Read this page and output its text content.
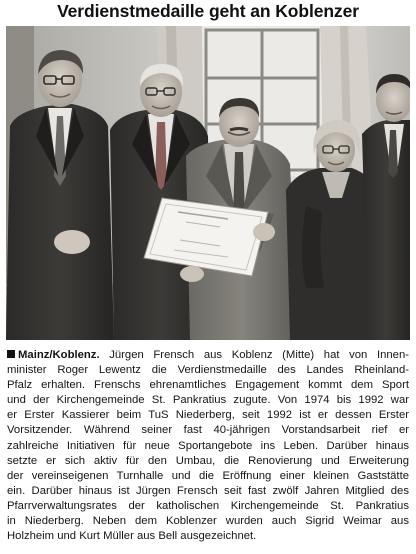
Verdienstmedaille geht an Koblenzer
Mainz/Koblenz. Jürgen Frensch aus Koblenz (Mitte) hat von Innen-
minister Roger Lewentz die Verdienstmedaille des Landes Rheinland-
Pfalz erhalten. Frenschs ehrenamtliches Engagement kommt dem Sport
und der Kirchengemeinde St. Pankratius zugute. Von 1974 bis 1992 war
er Erster Kassierer beim TuS Niederberg, seit 1992 ist er dessen Erster
Vorsitzender. Während seiner fast 40-jährigen Vorstandsarbeit rief er
zahlreiche Initiativen für neue Sportangebote ins Leben. Darüber hinaus
setzte er sich aktiv für den Umbau, die Renovierung und Erweiterung
der vereinseigenen Turnhalle und die Eröffnung einer kleinen Gaststätte
ein. Darüber hinaus ist Jürgen Frensch seit fast zwölf Jahren Mitglied des
Pfarrverwaltungsrates der katholischen Kirchengemeinde St. Pankratius
in Niederberg. Neben dem Koblenzer wurden auch Sigrid Weimar aus
Holzheim und Kurt Müller aus Bell ausgezeichnet.
